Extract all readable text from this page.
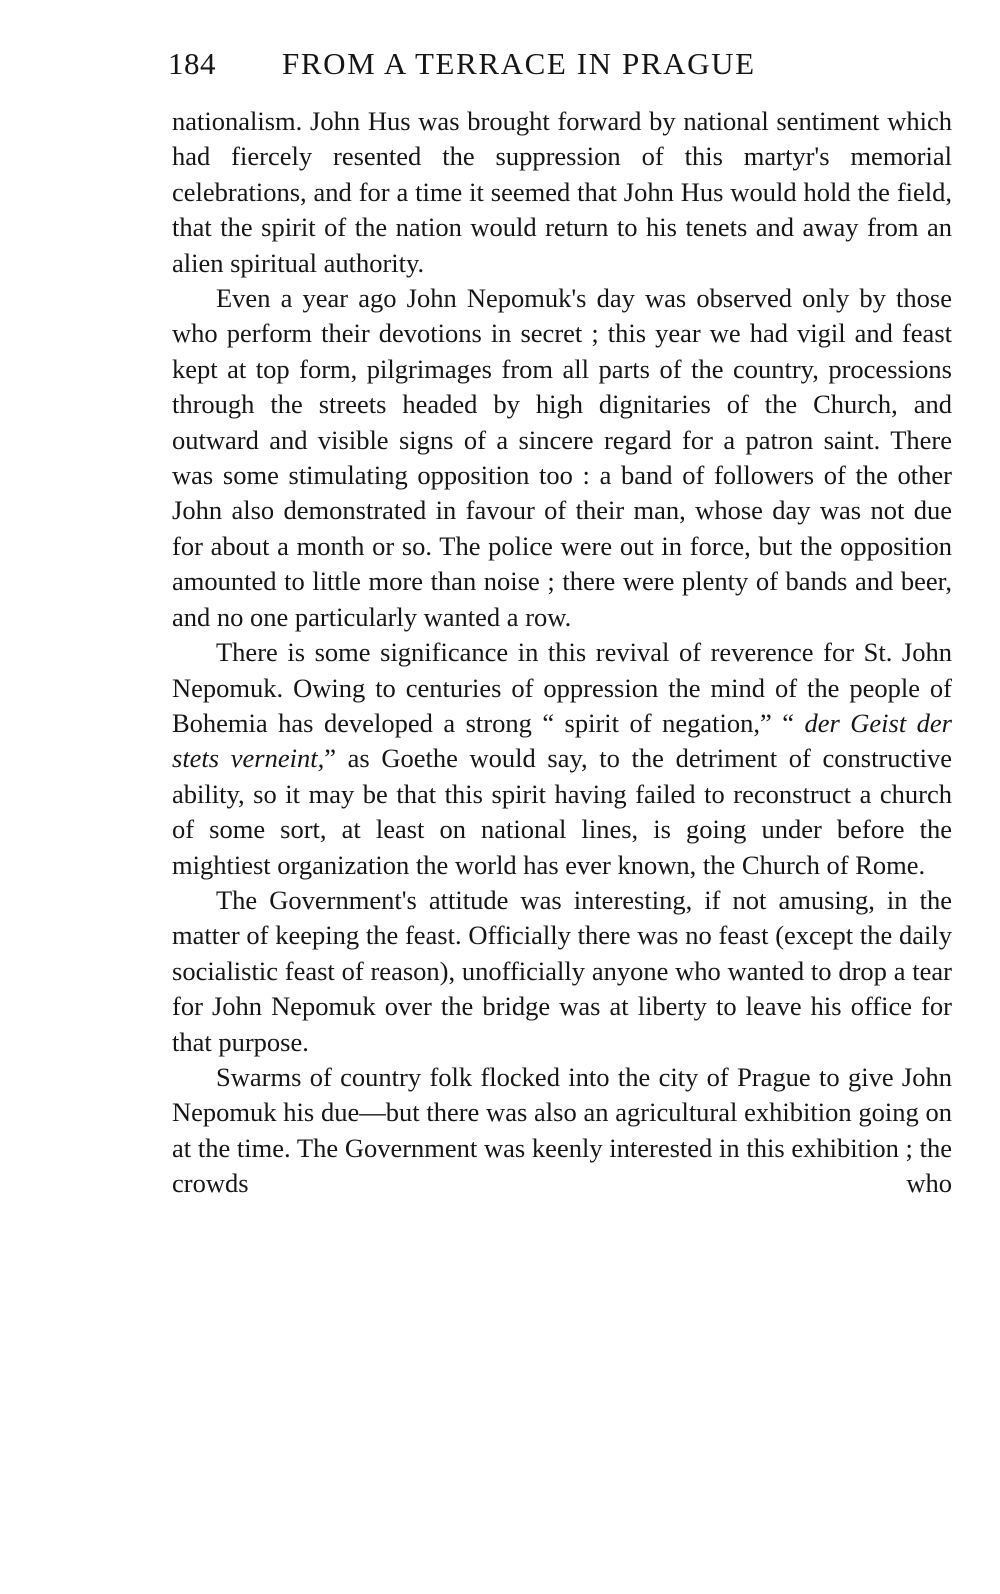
184 FROM A TERRACE IN PRAGUE

nationalism. John Hus was brought forward by national sentiment which had fiercely resented the suppression of this martyr's memorial celebrations, and for a time it seemed that John Hus would hold the field, that the spirit of the nation would return to his tenets and away from an alien spiritual authority.

Even a year ago John Nepomuk's day was observed only by those who perform their devotions in secret ; this year we had vigil and feast kept at top form, pilgrimages from all parts of the country, processions through the streets headed by high dignitaries of the Church, and outward and visible signs of a sincere regard for a patron saint. There was some stimulating opposition too : a band of followers of the other John also demonstrated in favour of their man, whose day was not due for about a month or so. The police were out in force, but the opposition amounted to little more than noise ; there were plenty of bands and beer, and no one particularly wanted a row.

There is some significance in this revival of reverence for St. John Nepomuk. Owing to centuries of oppression the mind of the people of Bohemia has developed a strong “ spirit of negation,” “ der Geist der stets verneint,” as Goethe would say, to the detriment of constructive ability, so it may be that this spirit having failed to reconstruct a church of some sort, at least on national lines, is going under before the mightiest organization the world has ever known, the Church of Rome.

The Government's attitude was interesting, if not amusing, in the matter of keeping the feast. Officially there was no feast (except the daily socialistic feast of reason), unofficially anyone who wanted to drop a tear for John Nepomuk over the bridge was at liberty to leave his office for that purpose.

Swarms of country folk flocked into the city of Prague to give John Nepomuk his due—but there was also an agricultural exhibition going on at the time. The Government was keenly interested in this exhibition ; the crowds who
